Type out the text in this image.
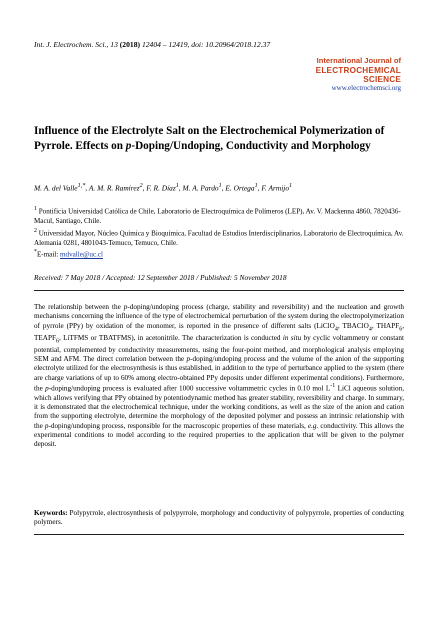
Int. J. Electrochem. Sci., 13 (2018) 12404 – 12419, doi: 10.20964/2018.12.37
International Journal of
ELECTROCHEMICAL
SCIENCE
www.electrochemsci.org
Influence of the Electrolyte Salt on the Electrochemical Polymerization of Pyrrole. Effects on p-Doping/Undoping, Conductivity and Morphology
M. A. del Valle$^{1,*}$, A. M. R. Ramírez$^2$, F. R. Díaz$^1$, M. A. Pardo$^1$, E. Ortega$^1$, F. Armijo$^1$

$^1$ Pontificia Universidad Católica de Chile, Laboratorio de Electroquímica de Polímeros (LEP), Av. V. Mackenna 4860, 7820436-Macul, Santiago, Chile.

$^2$ Universidad Mayor, Núcleo Química y Bioquímica, Facultad de Estudios Interdisciplinarios, Laboratorio de Electroquímica, Av. Alemania 0281, 4801043-Temuco, Temuco, Chile.

*E-mail: mdvalle@uc.cl

Received: 7 May 2018 / Accepted: 12 September 2018 / Published: 5 November 2018
The relationship between the p-doping/undoping process (charge, stability and reversibility) and the nucleation and growth mechanisms concerning the influence of the type of electrochemical perturbation of the system during the electropolymerization of pyrrole (PPy) by oxidation of the monomer, is reported in the presence of different salts (LiClO$_4$, TBAClO$_4$, $THAPF_6$, $TEAPF_6$, LiTFMS or TBATFMS), in acetonitrile. The characterization is conducted in situ by cyclic voltammetry or constant potential, complemented by conductivity measurements, using the four-point method, and morphological analysis employing SEM and AFM. The direct correlation between the p-doping/undoping process and the volume of the anion of the supporting electrolyte utilized for the electrosynthesis is thus established, in addition to the type of perturbance applied to the system (there are charge variations of up to 60% among electro-obtained PPy deposits under different experimental conditions). Furthermore, the p-doping/undoping process is evaluated after 1000 successive voltammetric cycles in 0.10 mol $L^{-1}$ LiCl aqueous solution, which allows verifying that PPy obtained by potentiodynamic method has greater stability, reversibility and charge. In summary, it is demonstrated that the electrochemical technique, under the working conditions, as well as the size of the anion and cation from the supporting electrolyte, determine the morphology of the deposited polymer and possess an intrinsic relationship with the p-doping/undoping process, responsible for the macroscopic properties of these materials, e.g. conductivity. This allows the experimental conditions to model according to the required properties to the application that will be given to the polymer deposit.
Keywords: Polypyrrole, electrosynthesis of polypyrrole, morphology and conductivity of polypyrrole, properties of conducting polymers.
